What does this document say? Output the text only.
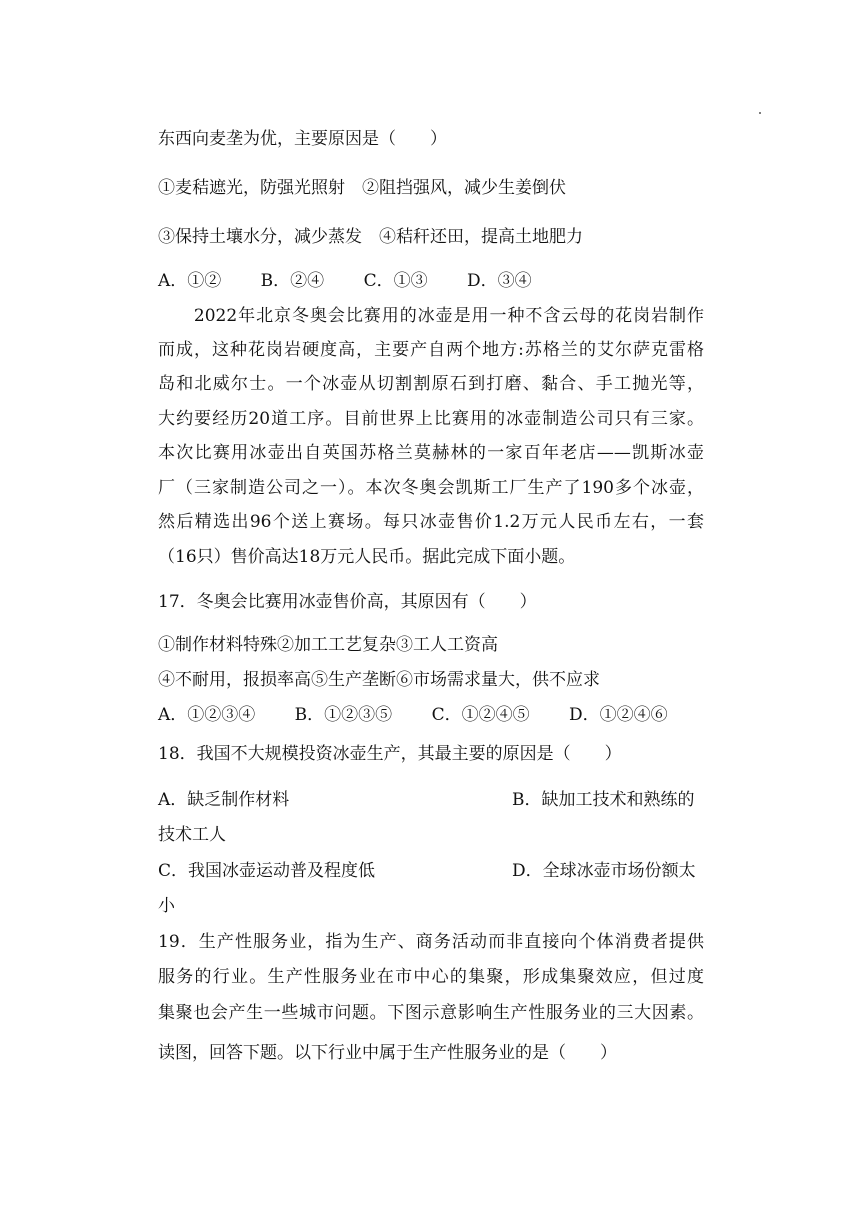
东西向麦垄为优，主要原因是（　　）
①麦秸遮光，防强光照射　②阻挡强风，减少生姜倒伏
③保持土壤水分，减少蒸发　④秸秆还田，提高土地肥力
A．①②　　 B．②④　　 C．①③　　 D．③④
　　2022年北京冬奥会比赛用的冰壶是用一种不含云母的花岗岩制作
而成，这种花岗岩硬度高，主要产自两个地方:苏格兰的艾尔萨克雷格
岛和北威尔士。一个冰壶从切割割原石到打磨、黏合、手工抛光等，
大约要经历20道工序。目前世界上比赛用的冰壶制造公司只有三家。
本次比赛用冰壶出自英国苏格兰莫赫林的一家百年老店——凯斯冰壶
厂（三家制造公司之一）。本次冬奥会凯斯工厂生产了190多个冰壶，
然后精选出96个送上赛场。每只冰壶售价1.2万元人民币左右，一套
（16只）售价高达18万元人民币。据此完成下面小题。
17．冬奥会比赛用冰壶售价高，其原因有（　　）
①制作材料特殊②加工工艺复杂③工人工资高
④不耐用，报损率高⑤生产垄断⑥市场需求量大，供不应求
A．①②③④　　 B．①②③⑤　　 C．①②④⑤　　 D．①②④⑥
18．我国不大规模投资冰壶生产，其最主要的原因是（　　）
A．缺乏制作材料	B．缺加工技术和熟练的
技术工人
C．我国冰壶运动普及程度低	D．全球冰壶市场份额太
小
19．生产性服务业，指为生产、商务活动而非直接向个体消费者提供
服务的行业。生产性服务业在市中心的集聚，形成集聚效应，但过度
集聚也会产生一些城市问题。下图示意影响生产性服务业的三大因素。
读图，回答下题。以下行业中属于生产性服务业的是（　　）
